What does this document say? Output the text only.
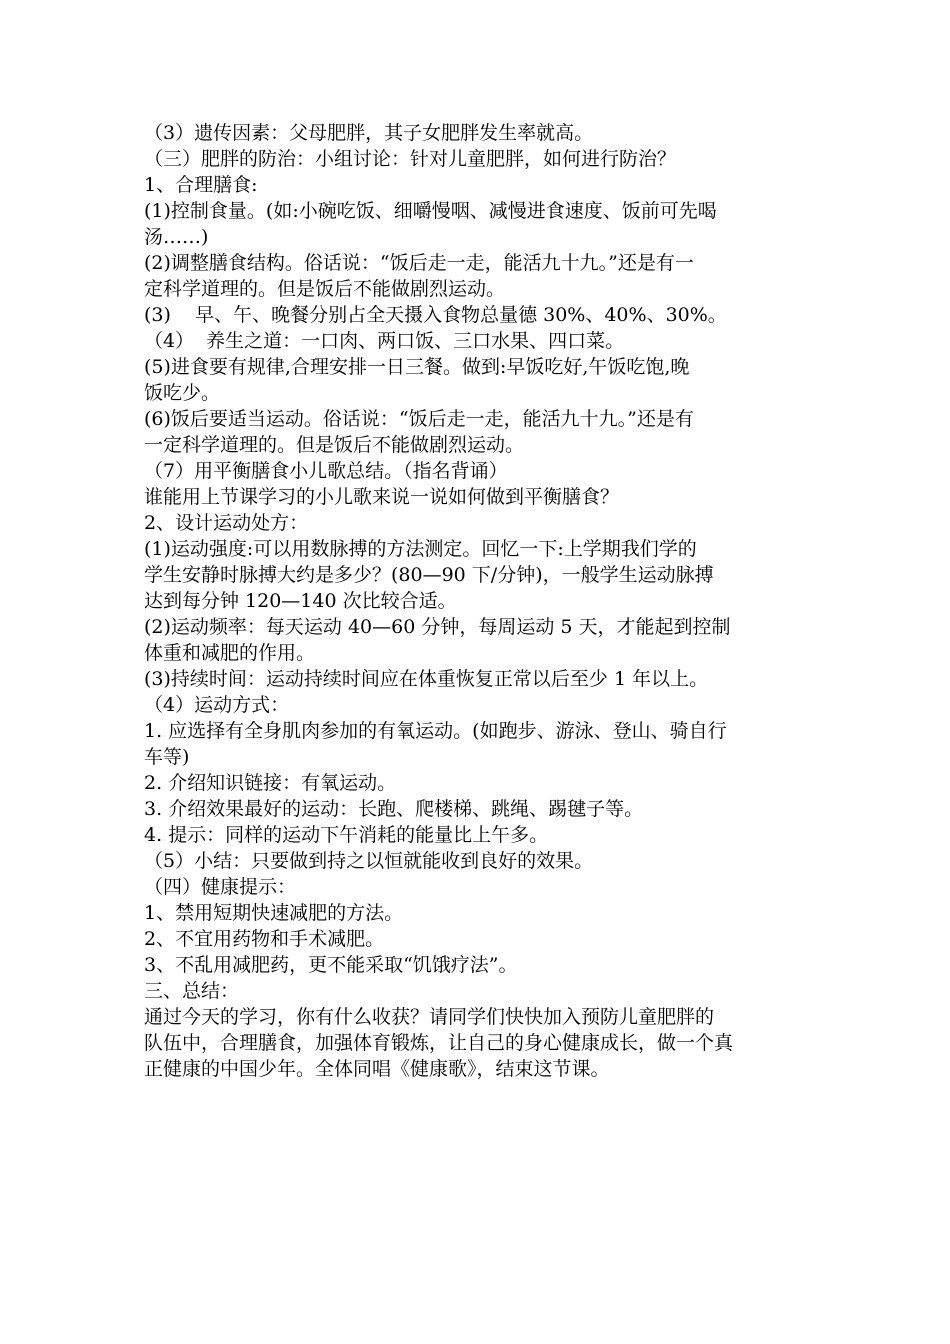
（3）遗传因素：父母肥胖，其子女肥胖发生率就高。
（三）肥胖的防治：小组讨论：针对儿童肥胖，如何进行防治？
1、合理膳食:
(1)控制食量。(如:小碗吃饭、细嚼慢咽、减慢进食速度、饭前可先喝
汤……)
(2)调整膳食结构。俗话说：“饭后走一走，能活九十九。”还是有一
定科学道理的。但是饭后不能做剧烈运动。
(3)    早、午、晚餐分别占全天摄入食物总量德 30%、40%、30%。
（4）  养生之道：一口肉、两口饭、三口水果、四口菜。
(5)进食要有规律,合理安排一日三餐。做到:早饭吃好,午饭吃饱,晚
饭吃少。
(6)饭后要适当运动。俗话说：“饭后走一走，能活九十九。”还是有
一定科学道理的。但是饭后不能做剧烈运动。
（7）用平衡膳食小儿歌总结。（指名背诵）
谁能用上节课学习的小儿歌来说一说如何做到平衡膳食？
2、设计运动处方：
(1)运动强度:可以用数脉搏的方法测定。回忆一下:上学期我们学的
学生安静时脉搏大约是多少？(80—90 下/分钟)，一般学生运动脉搏
达到每分钟 120—140 次比较合适。
(2)运动频率：每天运动 40—60 分钟，每周运动 5 天，才能起到控制
体重和减肥的作用。
(3)持续时间：运动持续时间应在体重恢复正常以后至少 1 年以上。
（4）运动方式：
1. 应选择有全身肌肉参加的有氧运动。(如跑步、游泳、登山、骑自行
车等)
2. 介绍知识链接：有氧运动。
3. 介绍效果最好的运动：长跑、爬楼梯、跳绳、踢毽子等。
4. 提示：同样的运动下午消耗的能量比上午多。
（5）小结：只要做到持之以恒就能收到良好的效果。
（四）健康提示：
1、禁用短期快速减肥的方法。
2、不宜用药物和手术减肥。
3、不乱用减肥药，更不能采取“饥饿疗法”。
三、总结：
通过今天的学习，你有什么收获？请同学们快快加入预防儿童肥胖的
队伍中，合理膳食，加强体育锻炼，让自己的身心健康成长，做一个真
正健康的中国少年。全体同唱《健康歌》，结束这节课。
